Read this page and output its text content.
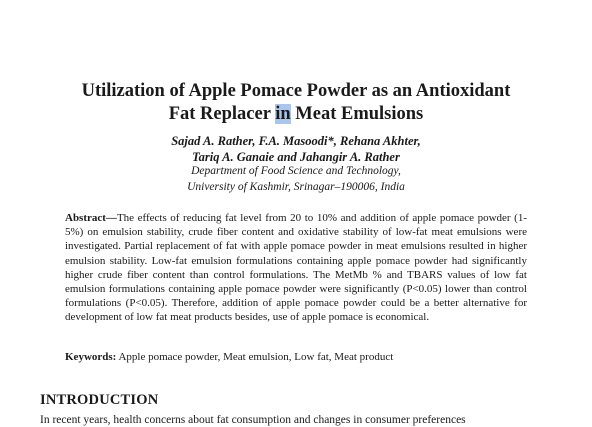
Utilization of Apple Pomace Powder as an Antioxidant
Fat Replacer in Meat Emulsions
Sajad A. Rather, F.A. Masoodi*, Rehana Akhter,
Tariq A. Ganaie and Jahangir A. Rather
Department of Food Science and Technology,
University of Kashmir, Srinagar–190006, India

Abstract—The effects of reducing fat level from 20 to 10% and addition of apple pomace powder (1-5%) on emulsion stability, crude fiber content and oxidative stability of low-fat meat emulsions were investigated. Partial replacement of fat with apple pomace powder in meat emulsions resulted in higher emulsion stability. Low-fat emulsion formulations containing apple pomace powder had significantly higher crude fiber content than control formulations. The MetMb % and TBARS values of low fat emulsion formulations containing apple pomace powder were significantly (P<0.05) lower than control formulations (P<0.05). Therefore, addition of apple pomace powder could be a better alternative for development of low fat meat products besides, use of apple pomace is economical.

Keywords: Apple pomace powder, Meat emulsion, Low fat, Meat product

INTRODUCTION

In recent years, health concerns about fat consumption and changes in consumer preferences
